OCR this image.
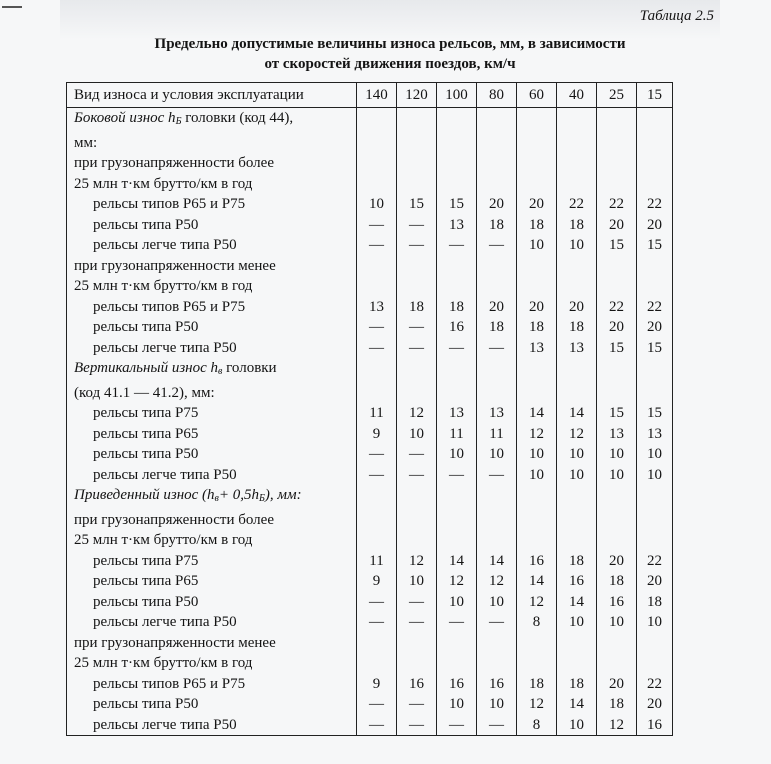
Таблица 2.5
Предельно допустимые величины износа рельсов, мм, в зависимости
от скоростей движения поездов, км/ч
Вид износа и условия эксплуатации	140	120	100	80	60	40	25	15
Боковой износ $h_Б$ головки (код 44),								
мм:								
при грузонапряженности более								
25 млн т·км брутто/км в год								
рельсы типов Р65 и Р75	10	15	15	20	20	22	22	22
рельсы типа Р50	—	—	13	18	18	18	20	20
рельсы легче типа Р50	—	—	—	—	10	10	15	15
при грузонапряженности менее								
25 млн т·км брутто/км в год								
рельсы типов Р65 и Р75	13	18	18	20	20	20	22	22
рельсы типа Р50	—	—	16	18	18	18	20	20
рельсы легче типа Р50	—	—	—	—	13	13	15	15
Вертикальный износ $h_в$ головки								
(код 41.1 — 41.2), мм:								
рельсы типа Р75	11	12	13	13	14	14	15	15
рельсы типа Р65	9	10	11	11	12	12	13	13
рельсы типа Р50	—	—	10	10	10	10	10	10
рельсы легче типа Р50	—	—	—	—	10	10	10	10
Приведенный износ $(h_в+ 0,5h_Б)$, мм:								
при грузонапряженности более								
25 млн т·км брутто/км в год								
рельсы типа Р75	11	12	14	14	16	18	20	22
рельсы типа Р65	9	10	12	12	14	16	18	20
рельсы типа Р50	—	—	10	10	12	14	16	18
рельсы легче типа Р50	—	—	—	—	8	10	10	10
при грузонапряженности менее								
25 млн т·км брутто/км в год								
рельсы типов Р65 и Р75	9	16	16	16	18	18	20	22
рельсы типа Р50	—	—	10	10	12	14	18	20
рельсы легче типа Р50	—	—	—	—	8	10	12	16
